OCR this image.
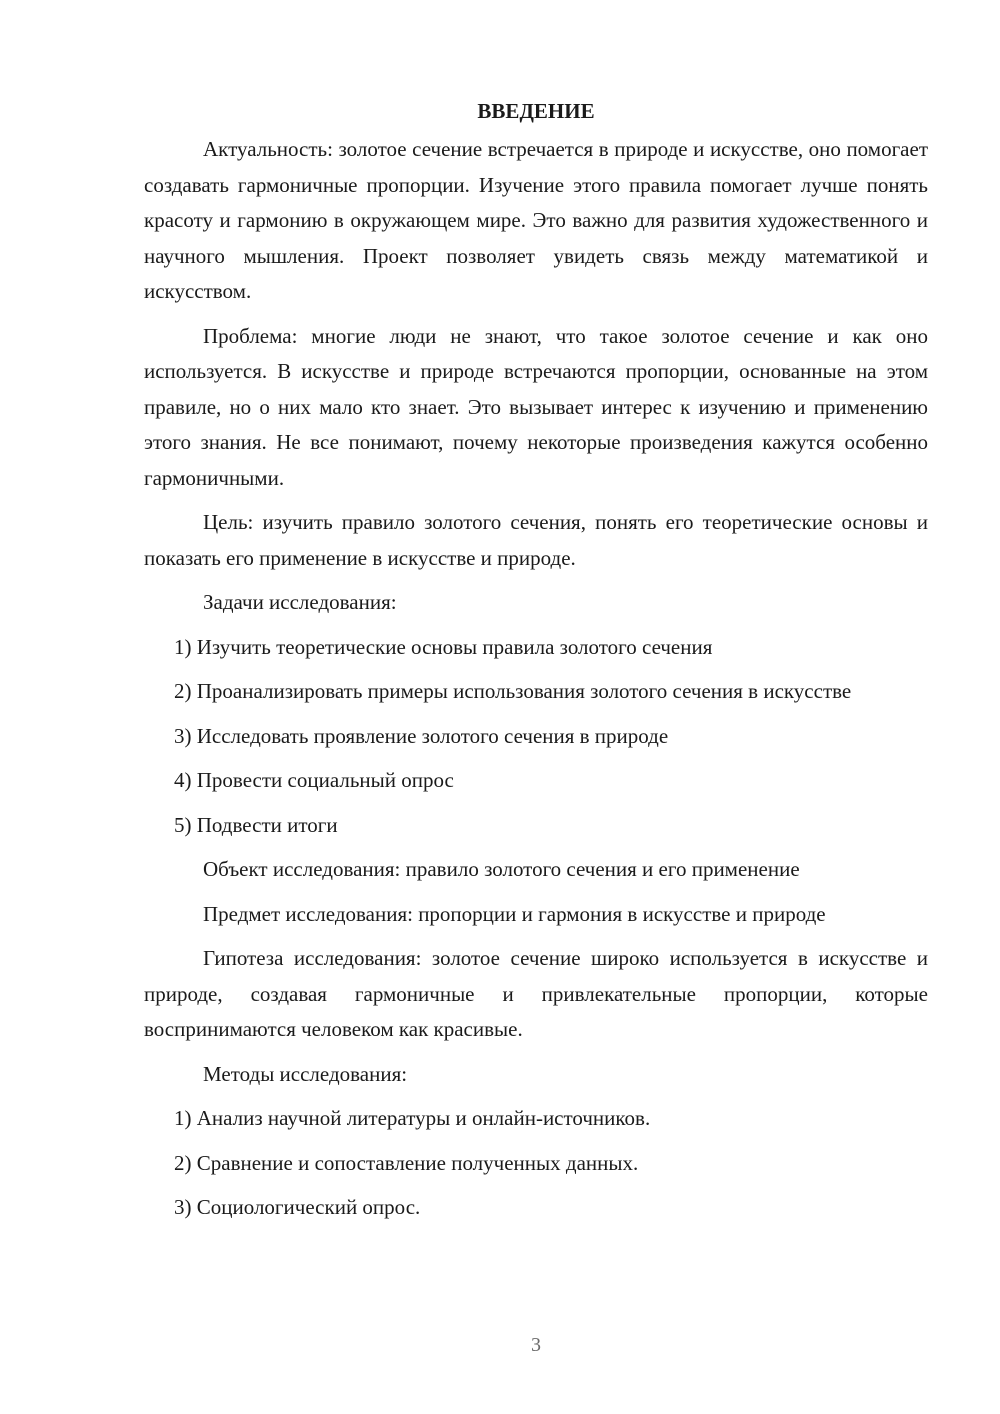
ВВЕДЕНИЕ

Актуальность: золотое сечение встречается в природе и искусстве, оно помогает создавать гармоничные пропорции. Изучение этого правила помогает лучше понять красоту и гармонию в окружающем мире. Это важно для развития художественного и научного мышления. Проект позволяет увидеть связь между математикой и искусством.

Проблема: многие люди не знают, что такое золотое сечение и как оно используется. В искусстве и природе встречаются пропорции, основанные на этом правиле, но о них мало кто знает. Это вызывает интерес к изучению и применению этого знания. Не все понимают, почему некоторые произведения кажутся особенно гармоничными.

Цель: изучить правило золотого сечения, понять его теоретические основы и показать его применение в искусстве и природе.

Задачи исследования:

1) Изучить теоретические основы правила золотого сечения

2) Проанализировать примеры использования золотого сечения в искусстве

3) Исследовать проявление золотого сечения в природе

4) Провести социальный опрос

5) Подвести итоги

Объект исследования: правило золотого сечения и его применение

Предмет исследования: пропорции и гармония в искусстве и природе

Гипотеза исследования: золотое сечение широко используется в искусстве и природе, создавая гармоничные и привлекательные пропорции, которые воспринимаются человеком как красивые.

Методы исследования:

1) Анализ научной литературы и онлайн-источников.

2) Сравнение и сопоставление полученных данных.

3) Социологический опрос.

3
